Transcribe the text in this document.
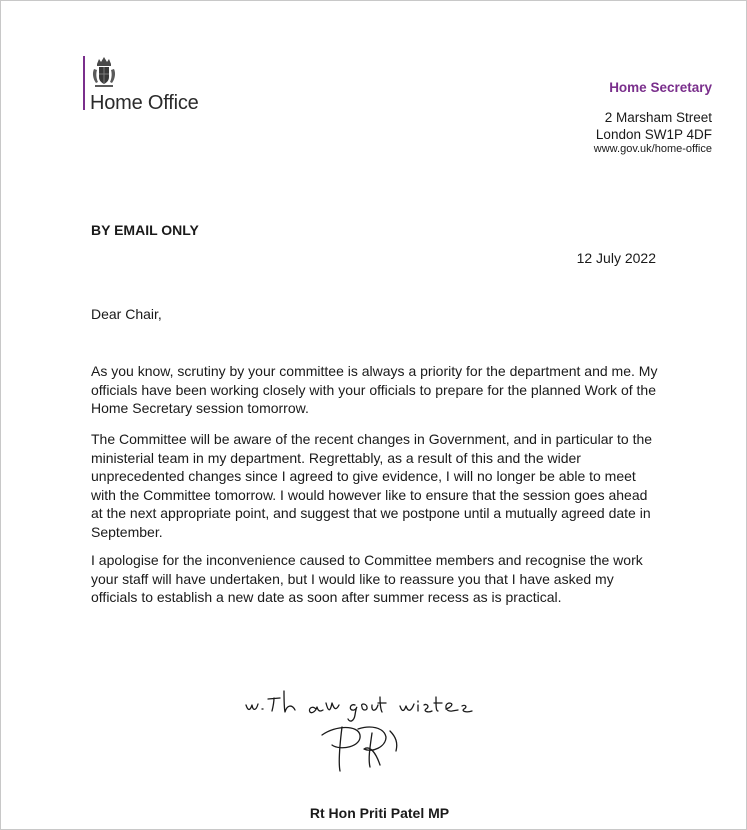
Home Office
Home Secretary
2 Marsham Street
London SW1P 4DF
www.gov.uk/home-office
BY EMAIL ONLY
12 July 2022
Dear Chair,
As you know, scrutiny by your committee is always a priority for the department and me. My officials have been working closely with your officials to prepare for the planned Work of the Home Secretary session tomorrow.
The Committee will be aware of the recent changes in Government, and in particular to the ministerial team in my department. Regrettably, as a result of this and the wider unprecedented changes since I agreed to give evidence, I will no longer be able to meet with the Committee tomorrow. I would however like to ensure that the session goes ahead at the next appropriate point, and suggest that we postpone until a mutually agreed date in September.
I apologise for the inconvenience caused to Committee members and recognise the work your staff will have undertaken, but I would like to reassure you that I have asked my officials to establish a new date as soon after summer recess as is practical.
Rt Hon Priti Patel MP
